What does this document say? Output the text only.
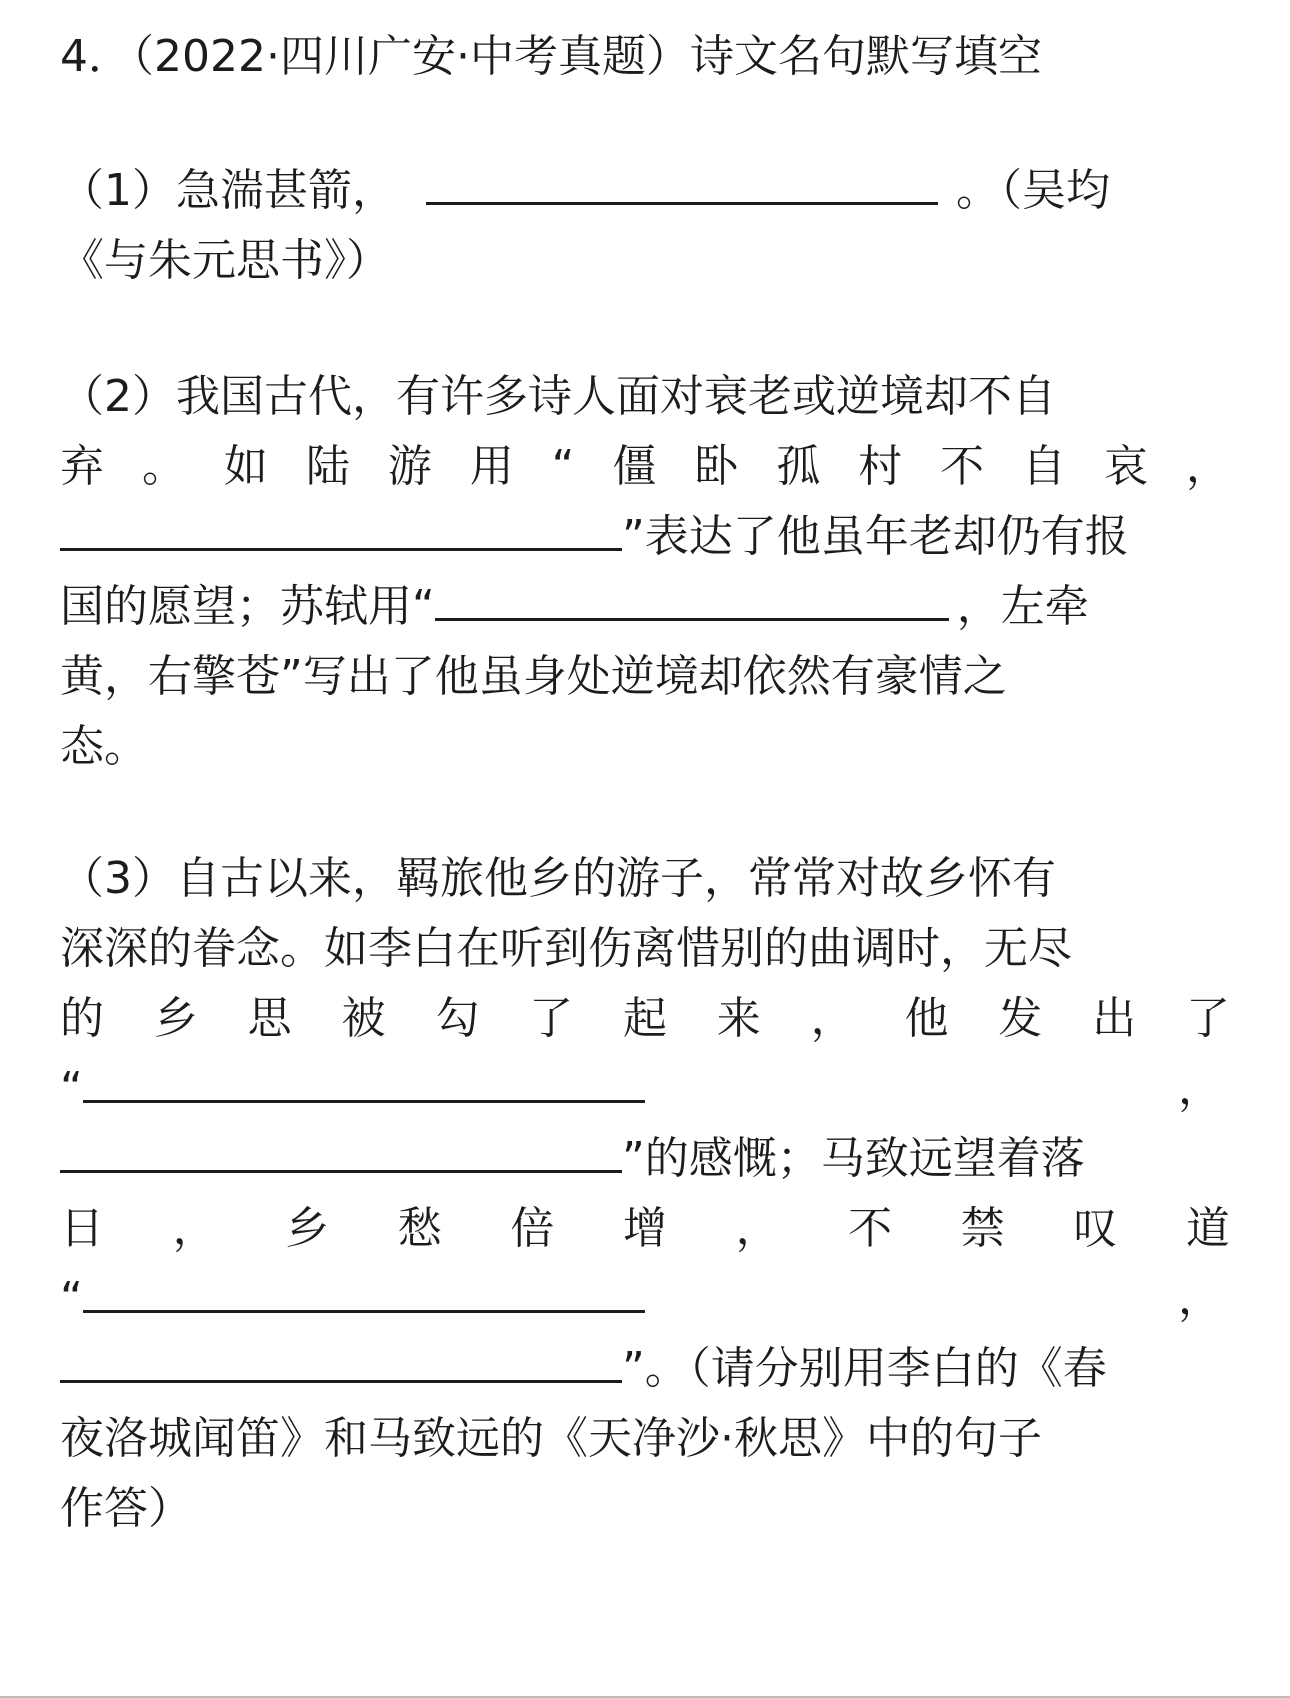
4．（2022·四川广安·中考真题）诗文名句默写填空
（1）急湍甚箭，	。（吴均
《与朱元思书》）
（2）我国古代，有许多诗人面对衰老或逆境却不自
弃 。 如 陆 游 用 “ 僵 卧 孤 村 不 自 哀 ，
”表达了他虽年老却仍有报
国的愿望；苏轼用“	，左牵
黄，右擎苍”写出了他虽身处逆境却依然有豪情之
态。
（3）自古以来，羁旅他乡的游子，常常对故乡怀有
深深的眷念。如李白在听到伤离惜别的曲调时，无尽
的 乡 思 被 勾 了 起 来 ， 他 发 出 了
“	，
”的感慨；马致远望着落
日 ， 乡 愁 倍 增 ， 不 禁 叹 道
“	，
”。（请分别用李白的《春
夜洛城闻笛》和马致远的《天净沙·秋思》中的句子
作答）
